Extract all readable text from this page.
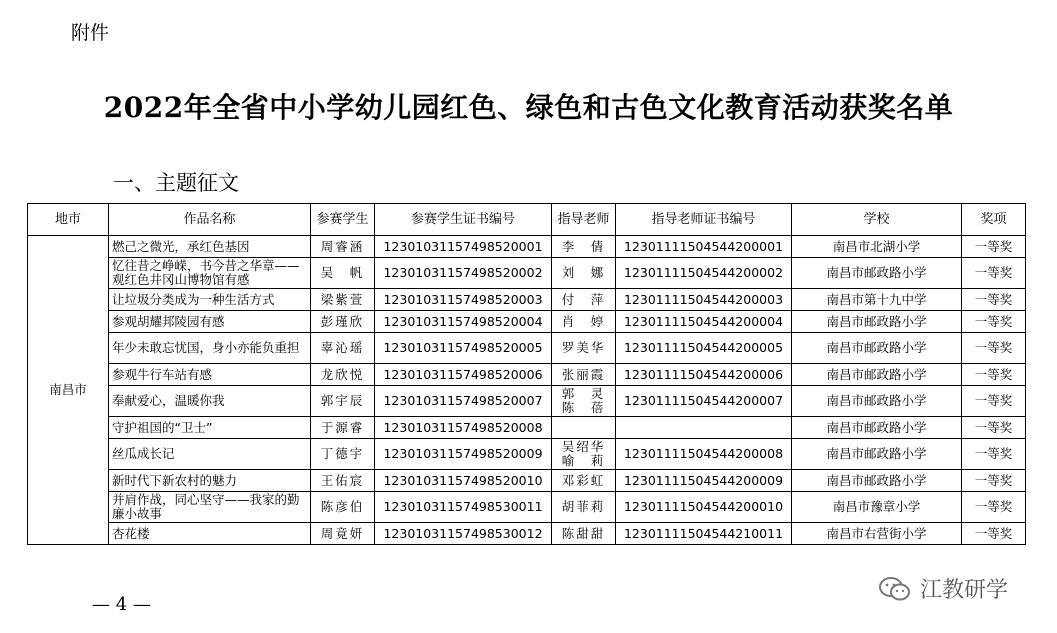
附件
2022年全省中小学幼儿园红色、绿色和古色文化教育活动获奖名单
一、主题征文
地市	作品名称	参赛学生	参赛学生证书编号	指导老师	指导老师证书编号	学校	奖项
南昌市	燃己之微光，承红色基因	周睿涵	12301031157498520001	李　倩	12301111504544200001	南昌市北湖小学	一等奖
	忆往昔之峥嵘，书今昔之华章——观红色井冈山博物馆有感	吴　帆	12301031157498520002	刘　娜	12301111504544200002	南昌市邮政路小学	一等奖
	让垃圾分类成为一种生活方式	梁紫萱	12301031157498520003	付　萍	12301111504544200003	南昌市第十九中学	一等奖
	参观胡耀邦陵园有感	彭瑾欣	12301031157498520004	肖　婷	12301111504544200004	南昌市邮政路小学	一等奖
	年少未敢忘忧国，身小亦能负重担	辜沁瑶	12301031157498520005	罗美华	12301111504544200005	南昌市邮政路小学	一等奖
	参观牛行车站有感	龙欣悦	12301031157498520006	张丽霞	12301111504544200006	南昌市邮政路小学	一等奖
	奉献爱心，温暖你我	郭宇辰	12301031157498520007	郭　灵
陈　蓓	12301111504544200007	南昌市邮政路小学	一等奖
	守护祖国的“卫士”	于源睿	12301031157498520008			南昌市邮政路小学	一等奖
	丝瓜成长记	丁德宇	12301031157498520009	吴绍华
喻　莉	12301111504544200008	南昌市邮政路小学	一等奖
	新时代下新农村的魅力	王佑宸	12301031157498520010	邓彩虹	12301111504544200009	南昌市邮政路小学	一等奖
	并肩作战，同心坚守——我家的勤廉小故事	陈彦伯	12301031157498530011	胡菲莉	12301111504544200010	南昌市豫章小学	一等奖
	杏花楼	周竟妍	12301031157498530012	陈甜甜	12301111504544210011	南昌市右营街小学	一等奖
— 4 —
江教研学
